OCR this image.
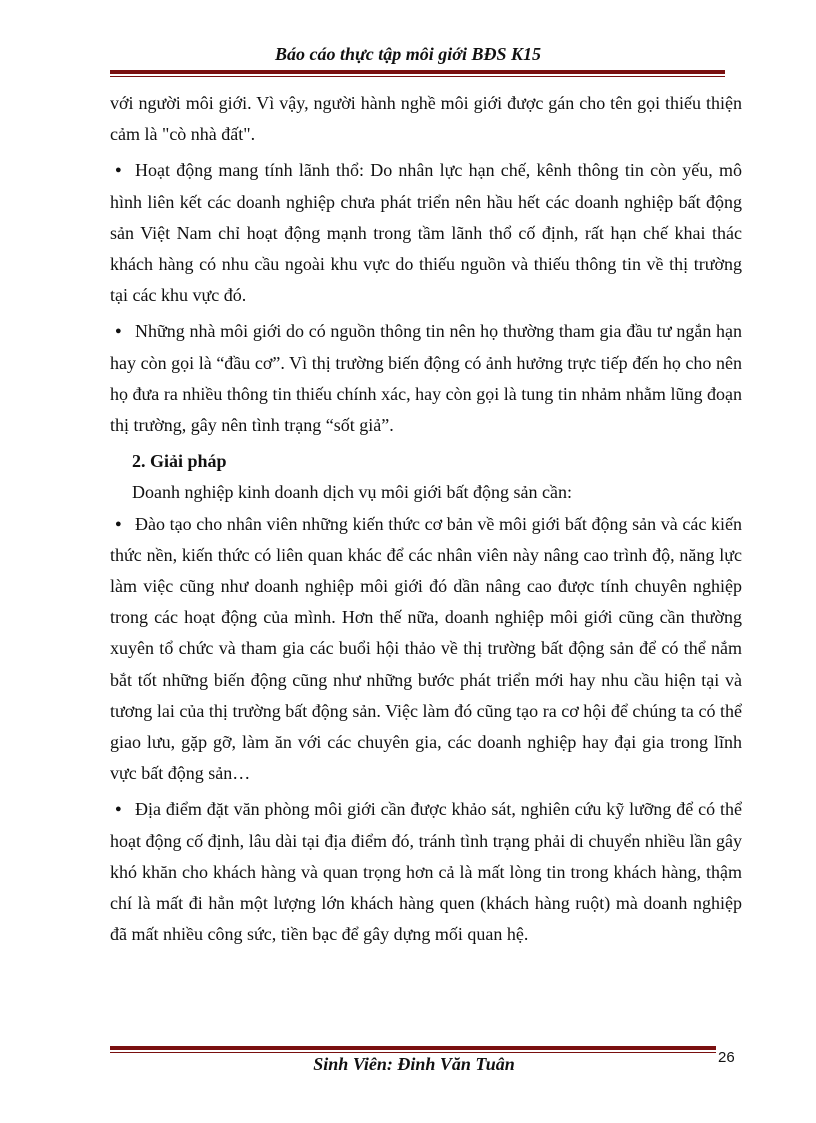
Báo cáo thực tập môi giới BĐS K15

với người môi giới. Vì vậy, người hành nghề môi giới được gán cho tên gọi thiếu thiện cảm là "cò nhà đất".

● Hoạt động mang tính lãnh thổ: Do nhân lực hạn chế, kênh thông tin còn yếu, mô hình liên kết các doanh nghiệp chưa phát triển nên hầu hết các doanh nghiệp bất động sản Việt Nam chỉ hoạt động mạnh trong tầm lãnh thổ cố định, rất hạn chế khai thác khách hàng có nhu cầu ngoài khu vực do thiếu nguồn và thiếu thông tin về thị trường tại các khu vực đó.

● Những nhà môi giới do có nguồn thông tin nên họ thường tham gia đầu tư ngắn hạn hay còn gọi là “đầu cơ”. Vì thị trường biến động có ảnh hưởng trực tiếp đến họ cho nên họ đưa ra nhiều thông tin thiếu chính xác, hay còn gọi là tung tin nhảm nhằm lũng đoạn thị trường, gây nên tình trạng “sốt giả”.

2. Giải pháp

Doanh nghiệp kinh doanh dịch vụ môi giới bất động sản cần:

● Đào tạo cho nhân viên những kiến thức cơ bản về môi giới bất động sản và các kiến thức nền, kiến thức có liên quan khác để các nhân viên này nâng cao trình độ, năng lực làm việc cũng như doanh nghiệp môi giới đó dần nâng cao được tính chuyên nghiệp trong các hoạt động của mình. Hơn thế nữa, doanh nghiệp môi giới cũng cần thường xuyên tổ chức và tham gia các buổi hội thảo về thị trường bất động sản để có thể nắm bắt tốt những biến động cũng như những bước phát triển mới hay nhu cầu hiện tại và tương lai của thị trường bất động sản. Việc làm đó cũng tạo ra cơ hội để chúng ta có thể giao lưu, gặp gỡ, làm ăn với các chuyên gia, các doanh nghiệp hay đại gia trong lĩnh vực bất động sản…

● Địa điểm đặt văn phòng môi giới cần được khảo sát, nghiên cứu kỹ lưỡng để có thể hoạt động cố định, lâu dài tại địa điểm đó, tránh tình trạng phải di chuyển nhiều lần gây khó khăn cho khách hàng và quan trọng hơn cả là mất lòng tin trong khách hàng, thậm chí là mất đi hẳn một lượng lớn khách hàng quen (khách hàng ruột) mà doanh nghiệp đã mất nhiều công sức, tiền bạc để gây dựng mối quan hệ.

Sinh Viên: Đinh Văn Tuân	26
